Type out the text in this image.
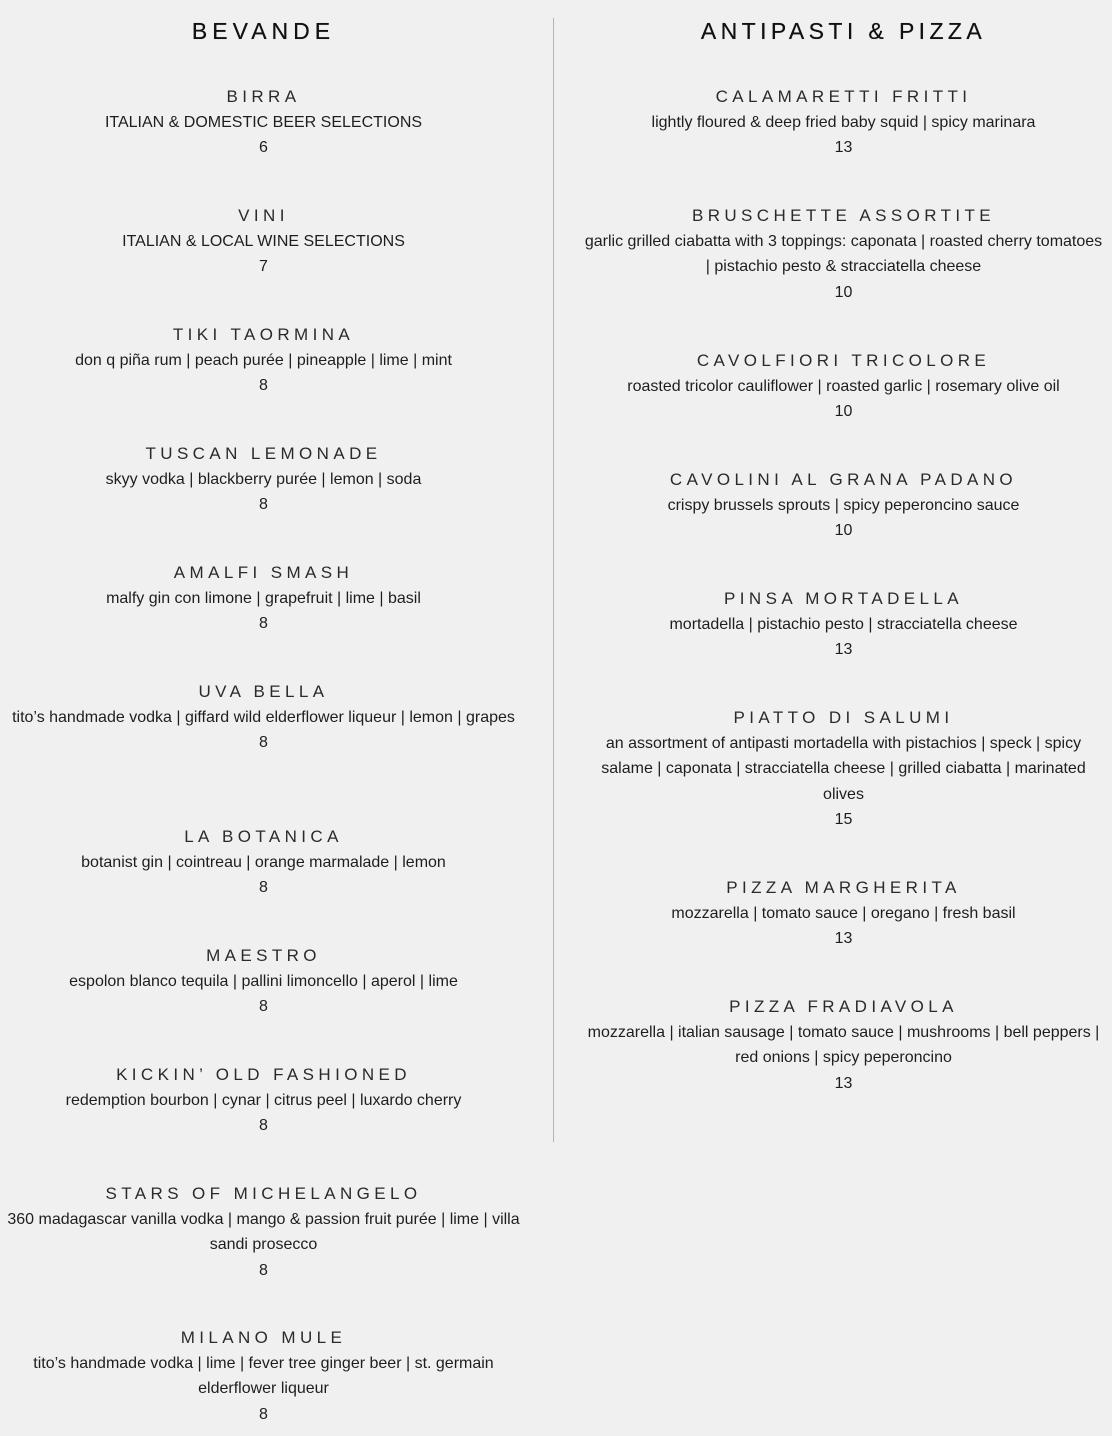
BEVANDE
BIRRA
ITALIAN & DOMESTIC BEER SELECTIONS
6
VINI
ITALIAN & LOCAL WINE SELECTIONS
7
TIKI TAORMINA
don q piña rum | peach purée | pineapple | lime | mint
8
TUSCAN LEMONADE
skyy vodka | blackberry purée | lemon | soda
8
AMALFI SMASH
malfy gin con limone | grapefruit | lime | basil
8
UVA BELLA
tito’s handmade vodka | giffard wild elderflower liqueur | lemon | grapes
8
LA BOTANICA
botanist gin | cointreau | orange marmalade | lemon
8
MAESTRO
espolon blanco tequila | pallini limoncello | aperol | lime
8
KICKIN’ OLD FASHIONED
redemption bourbon | cynar | citrus peel | luxardo cherry
8
STARS OF MICHELANGELO
360 madagascar vanilla vodka | mango & passion fruit purée | lime | villa sandi prosecco
8
MILANO MULE
tito’s handmade vodka | lime | fever tree ginger beer | st. germain elderflower liqueur
8
ANTIPASTI & PIZZA
CALAMARETTI FRITTI
lightly floured & deep fried baby squid | spicy marinara
13
BRUSCHETTE ASSORTITE
garlic grilled ciabatta with 3 toppings: caponata | roasted cherry tomatoes | pistachio pesto & stracciatella cheese
10
CAVOLFIORI TRICOLORE
roasted tricolor cauliflower | roasted garlic | rosemary olive oil
10
CAVOLINI AL GRANA PADANO
crispy brussels sprouts | spicy peperoncino sauce
10
PINSA MORTADELLA
mortadella | pistachio pesto | stracciatella cheese
13
PIATTO DI SALUMI
an assortment of antipasti mortadella with pistachios | speck | spicy salame | caponata | stracciatella cheese | grilled ciabatta | marinated olives
15
PIZZA MARGHERITA
mozzarella | tomato sauce | oregano | fresh basil
13
PIZZA FRADIAVOLA
mozzarella | italian sausage | tomato sauce | mushrooms | bell peppers | red onions | spicy peperoncino
13
